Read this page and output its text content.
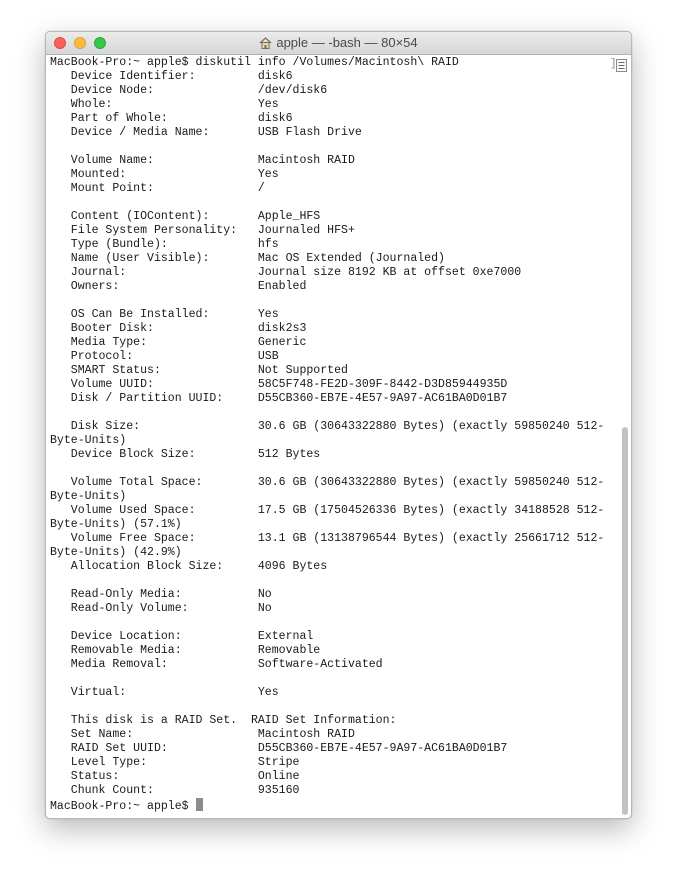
apple — -bash — 80×54
MacBook-Pro:~ apple$ diskutil info /Volumes/Macintosh\ RAID
Device Identifier:         disk6
Device Node:               /dev/disk6
Whole:                     Yes
Part of Whole:             disk6
Device / Media Name:       USB Flash Drive
Volume Name:               Macintosh RAID
Mounted:                   Yes
Mount Point:               /
Content (IOContent):       Apple_HFS
File System Personality:   Journaled HFS+
Type (Bundle):             hfs
Name (User Visible):       Mac OS Extended (Journaled)
Journal:                   Journal size 8192 KB at offset 0xe7000
Owners:                    Enabled
OS Can Be Installed:       Yes
Booter Disk:               disk2s3
Media Type:                Generic
Protocol:                  USB
SMART Status:              Not Supported
Volume UUID:               58C5F748-FE2D-309F-8442-D3D85944935D
Disk / Partition UUID:     D55CB360-EB7E-4E57-9A97-AC61BA0D01B7
Disk Size:                 30.6 GB (30643322880 Bytes) (exactly 59850240 512-
Byte-Units)
Device Block Size:         512 Bytes
Volume Total Space:        30.6 GB (30643322880 Bytes) (exactly 59850240 512-
Byte-Units)
Volume Used Space:         17.5 GB (17504526336 Bytes) (exactly 34188528 512-
Byte-Units) (57.1%)
Volume Free Space:         13.1 GB (13138796544 Bytes) (exactly 25661712 512-
Byte-Units) (42.9%)
Allocation Block Size:     4096 Bytes
Read-Only Media:           No
Read-Only Volume:          No
Device Location:           External
Removable Media:           Removable
Media Removal:             Software-Activated
Virtual:                   Yes
This disk is a RAID Set.  RAID Set Information:
Set Name:                  Macintosh RAID
RAID Set UUID:             D55CB360-EB7E-4E57-9A97-AC61BA0D01B7
Level Type:                Stripe
Status:                    Online
Chunk Count:               935160
MacBook-Pro:~ apple$
]
